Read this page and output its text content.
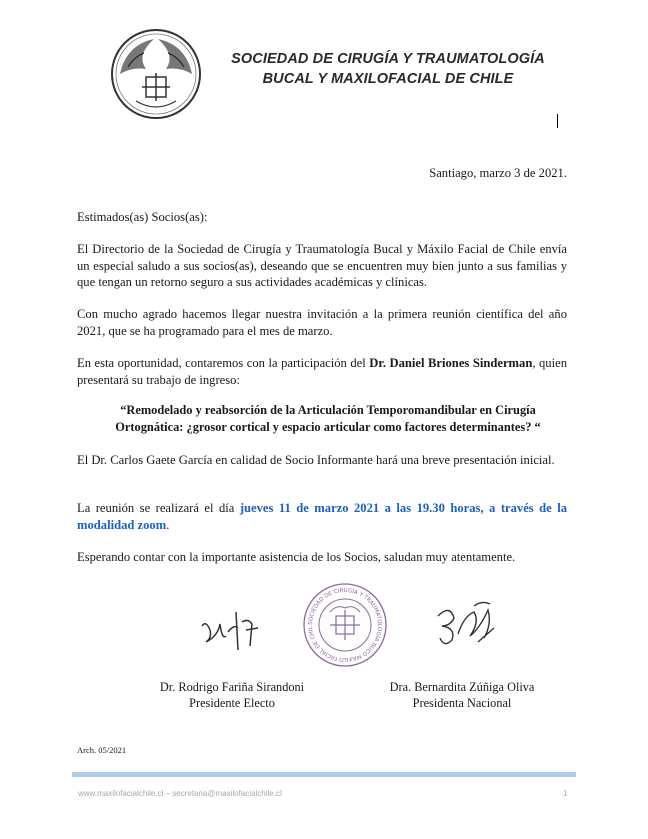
SOCIEDAD DE CIRUGÍA Y TRAUMATOLOGÍA
BUCAL Y MAXILOFACIAL DE CHILE
Santiago, marzo 3 de 2021.
Estimados(as) Socios(as):
El Directorio de la Sociedad de Cirugía y Traumatología Bucal y Máxilo Facial de Chile envía un especial saludo a sus socios(as), deseando que se encuentren muy bien junto a sus familias y que tengan un retorno seguro a sus actividades académicas y clínicas.
Con mucho agrado hacemos llegar nuestra invitación a la primera reunión científica del año 2021, que se ha programado para el mes de marzo.
En esta oportunidad, contaremos con la participación del Dr. Daniel Briones Sinderman, quien presentará su trabajo de ingreso:
“Remodelado y reabsorción de la Articulación Temporomandibular en Cirugía Ortognática: ¿grosor cortical y espacio articular como factores determinantes? “
El Dr. Carlos Gaete García en calidad de Socio Informante hará una breve presentación inicial.
La reunión se realizará el día jueves 11 de marzo 2021 a las 19.30 horas, a través de la modalidad zoom.
Esperando contar con la importante asistencia de los Socios, saludan muy atentamente.
SOCIEDAD DE CIRUGÍA Y TRAUMATOLOGÍA BUCO MAXILO FACIAL DE CHIL
Dr. Rodrigo Fariña Sirandoni
Presidente Electo
Dra. Bernardita Zúñiga Oliva
Presidenta Nacional
Arch. 05/2021
www.maxilofacialchile.cl – secretaria@maxilofacialchile.cl	1
